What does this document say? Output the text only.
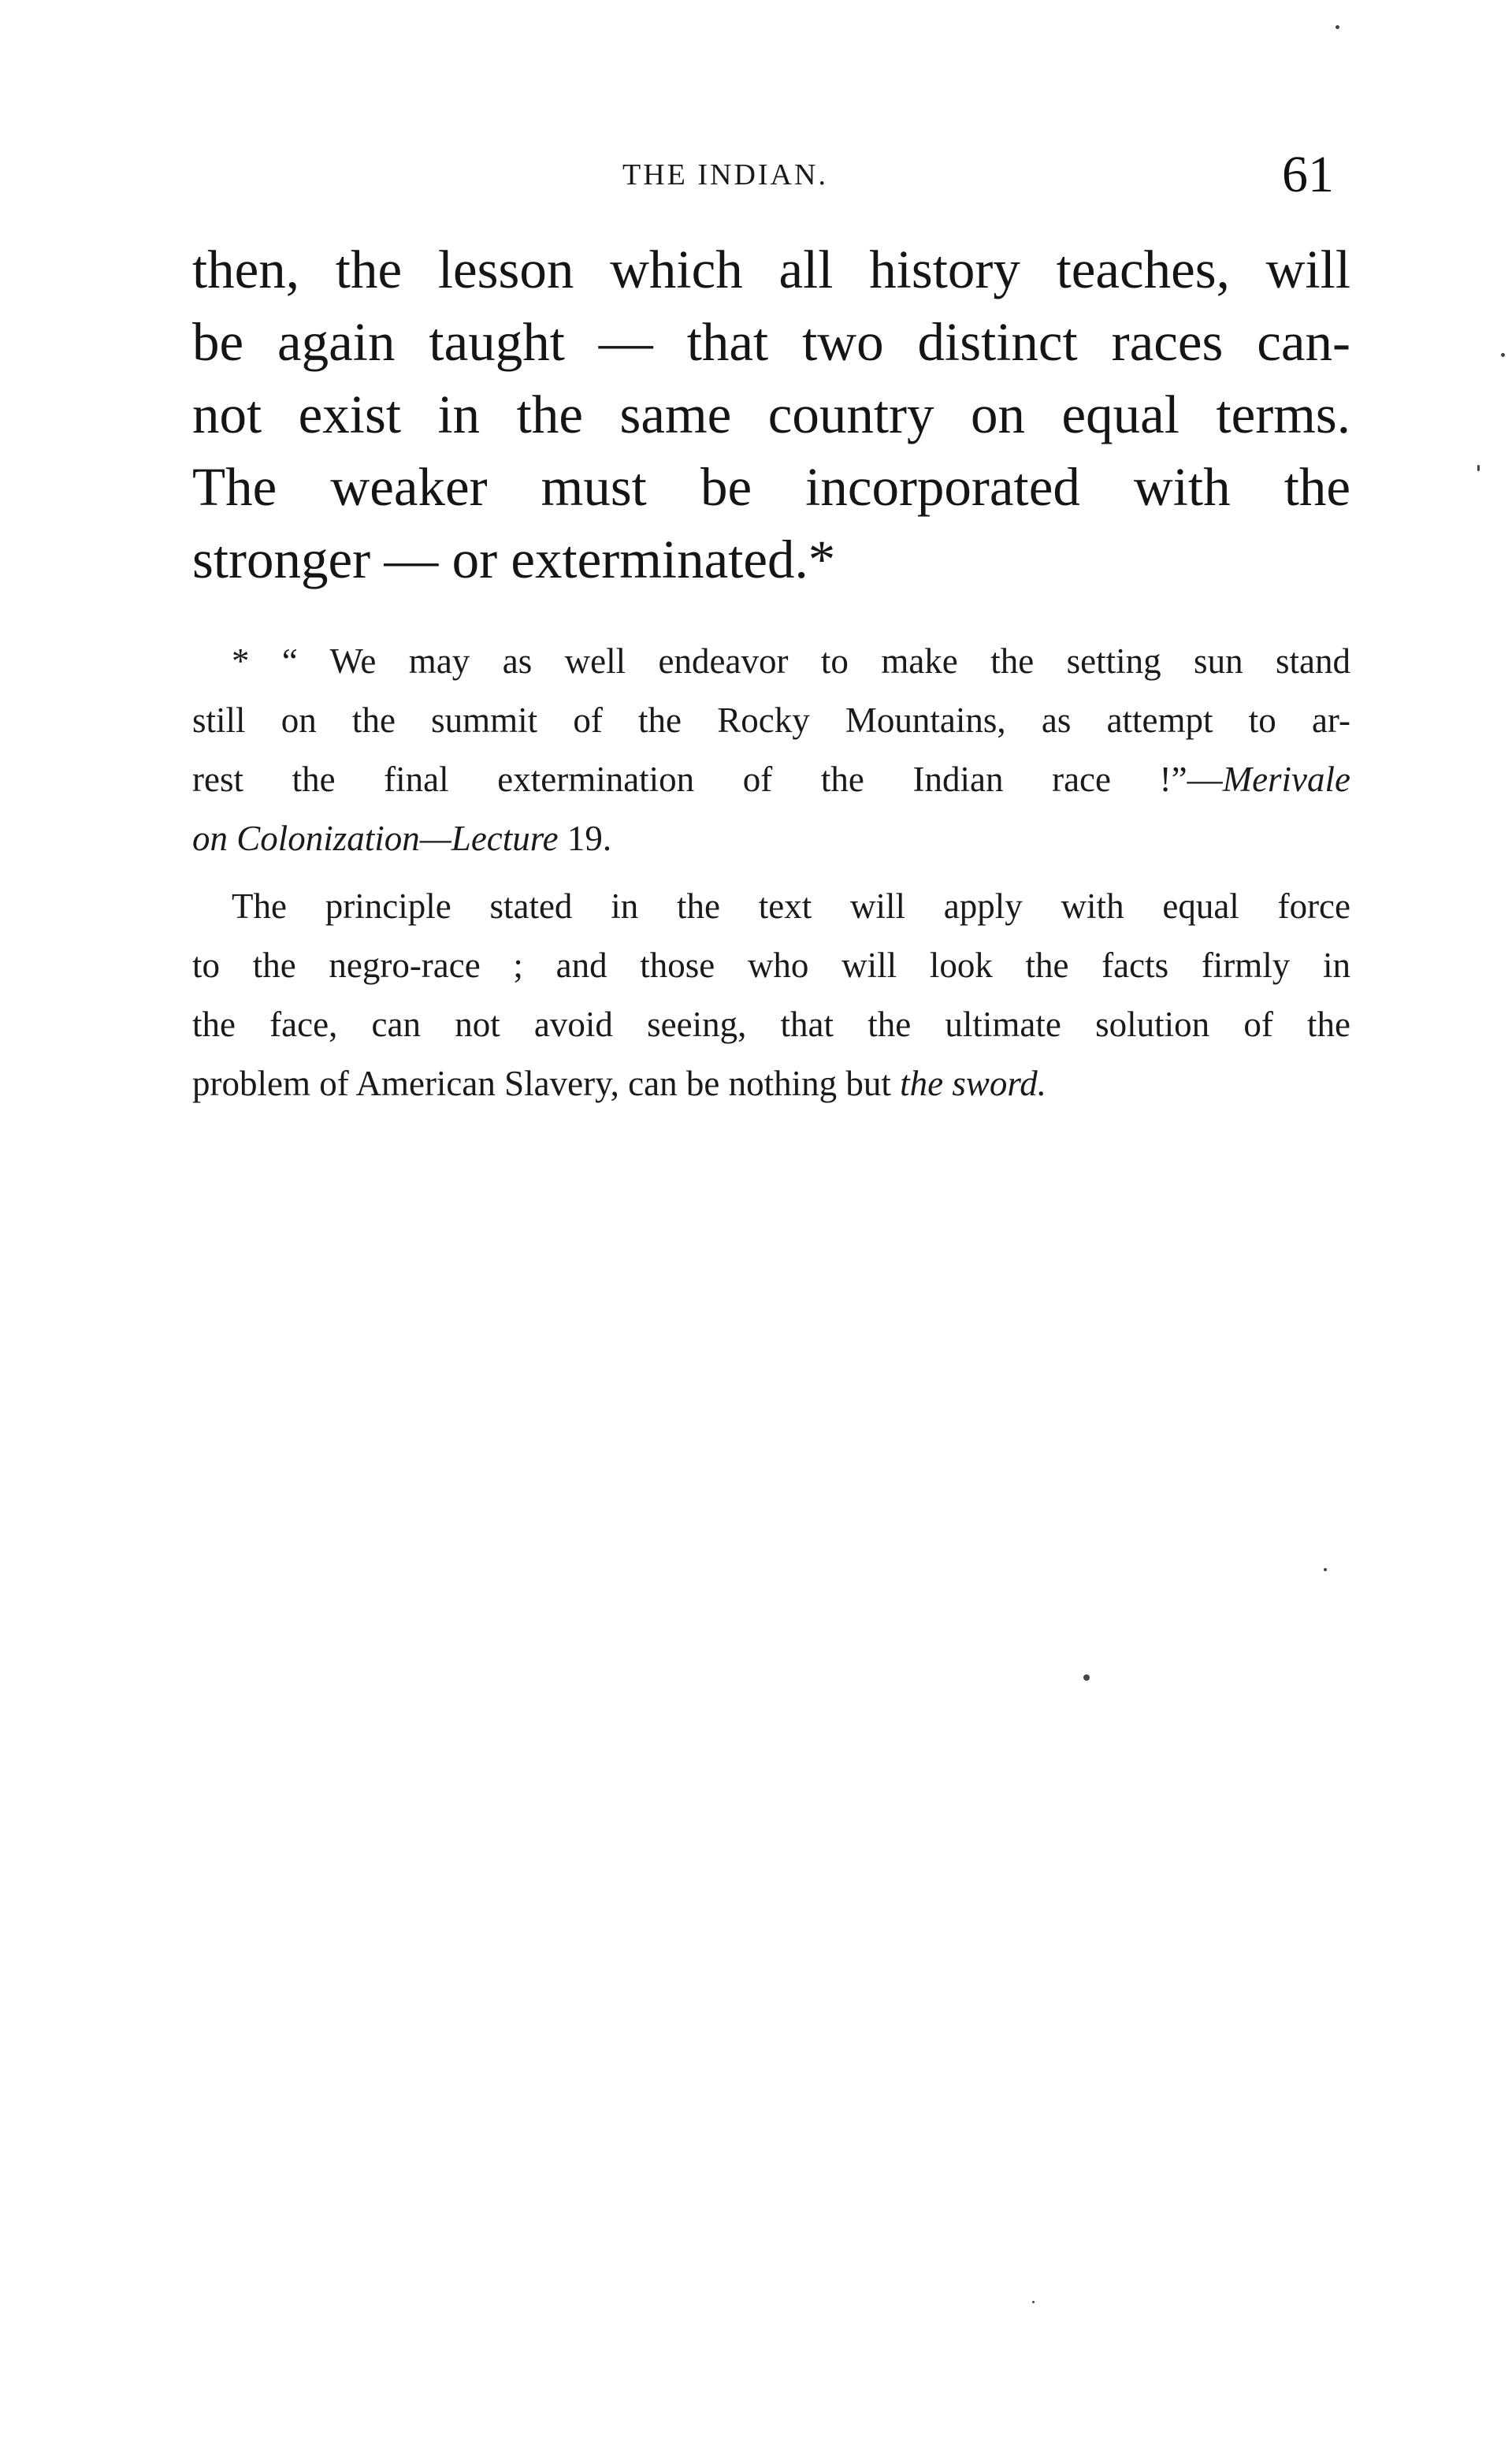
THE INDIAN.	61
then, the lesson which all history teaches, will
be again taught — that two distinct races can-
not exist in the same country on equal terms.
The weaker must be incorporated with the
stronger — or exterminated.*
* “ We may as well endeavor to make the setting sun stand
still on the summit of the Rocky Mountains, as attempt to ar-
rest the final extermination of the Indian race !”—Merivale
on Colonization—Lecture 19.
The principle stated in the text will apply with equal force
to the negro-race ; and those who will look the facts firmly in
the face, can not avoid seeing, that the ultimate solution of the
problem of American Slavery, can be nothing but the sword.
